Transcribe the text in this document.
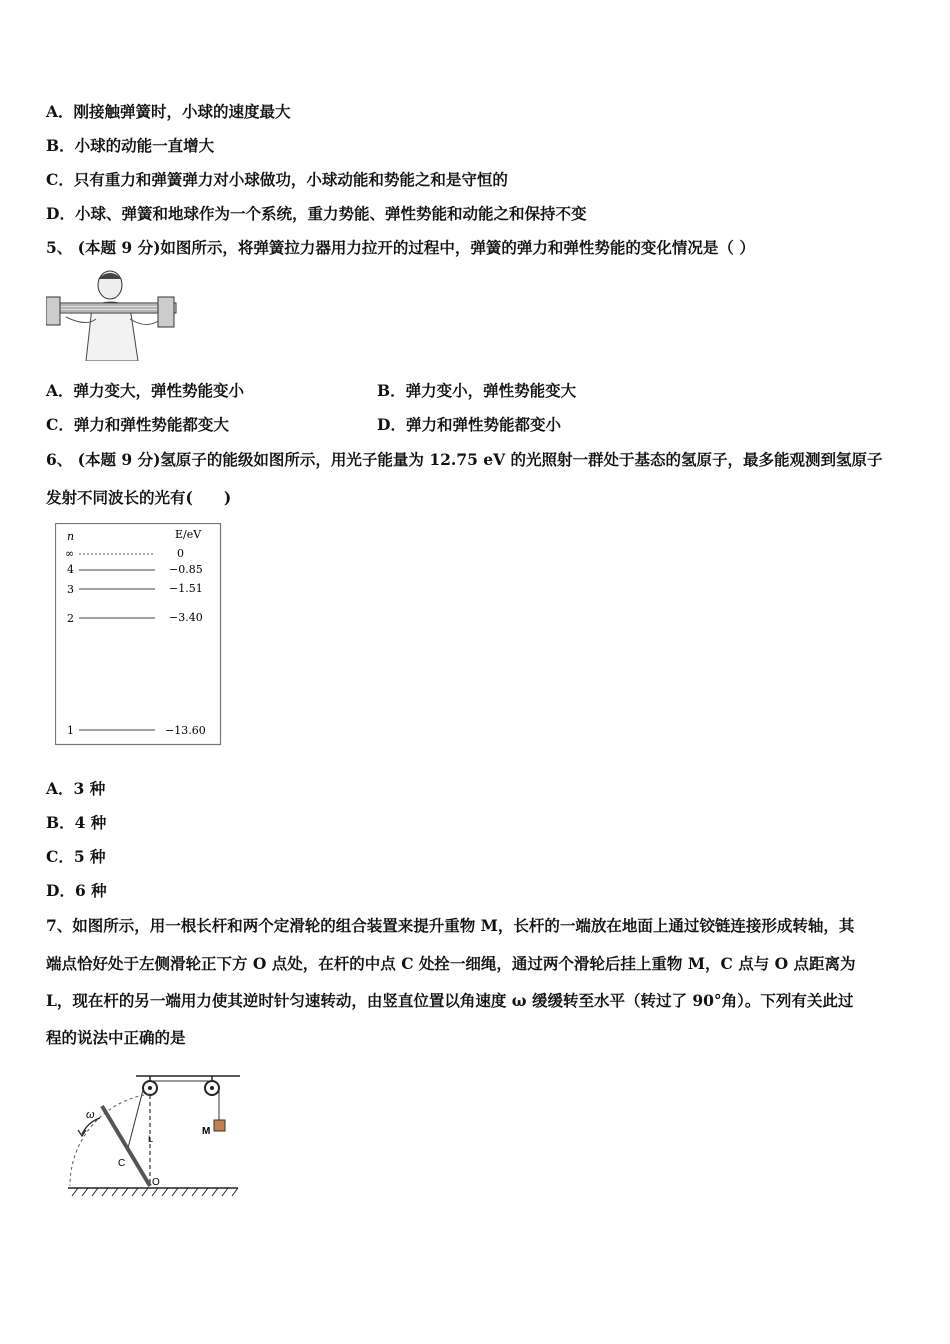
A．刚接触弹簧时，小球的速度最大
B．小球的动能一直增大
C．只有重力和弹簧弹力对小球做功，小球动能和势能之和是守恒的
D．小球、弹簧和地球作为一个系统，重力势能、弹性势能和动能之和保持不变
5、 (本题 9 分)如图所示，将弹簧拉力器用力拉开的过程中，弹簧的弹力和弹性势能的变化情况是（ ）
A．弹力变大，弹性势能变小	B．弹力变小，弹性势能变大
C．弹力和弹性势能都变大	D．弹力和弹性势能都变小
6、 (本题 9 分)氢原子的能级如图所示，用光子能量为 12.75 eV 的光照射一群处于基态的氢原子，最多能观测到氢原子
发射不同波长的光有(　　)
n	E/eV
∞	0
4	−0.85
3	−1.51
2	−3.40
1	−13.60
A．3 种
B．4 种
C．5 种
D．6 种
7、如图所示，用一根长杆和两个定滑轮的组合装置来提升重物 M，长杆的一端放在地面上通过铰链连接形成转轴，其
端点恰好处于左侧滑轮正下方 O 点处，在杆的中点 C 处拴一细绳，通过两个滑轮后挂上重物 M，C 点与 O 点距离为
L，现在杆的另一端用力使其逆时针匀速转动，由竖直位置以角速度 ω 缓缓转至水平（转过了 90°角）。下列有关此过
程的说法中正确的是
M
L
C
O
ω
